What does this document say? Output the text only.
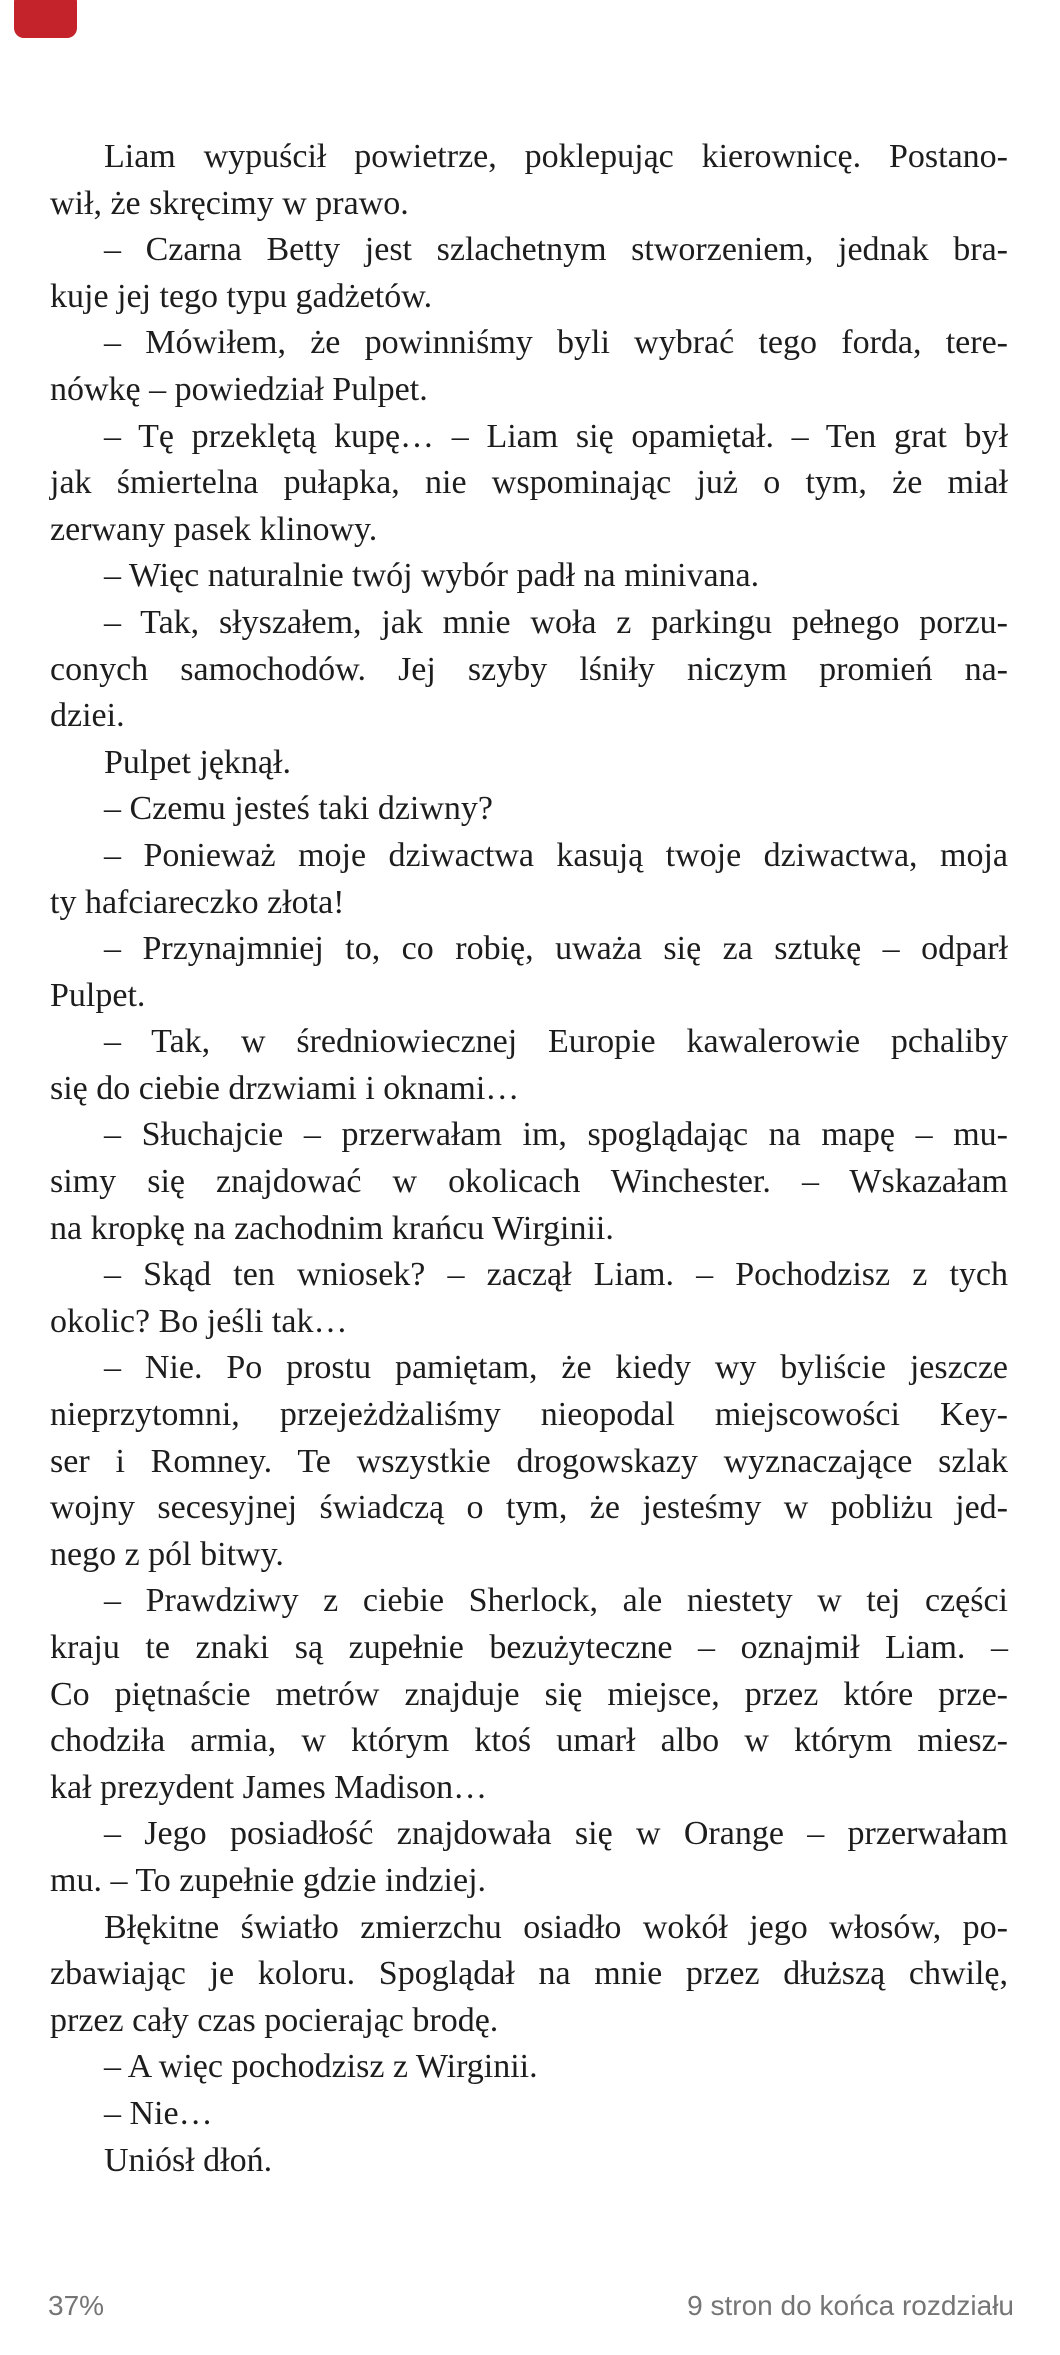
Liam wypuścił powietrze, poklepując kierownicę. Postano-
wił, że skręcimy w prawo.
– Czarna Betty jest szlachetnym stworzeniem, jednak bra-
kuje jej tego typu gadżetów.
– Mówiłem, że powinniśmy byli wybrać tego forda, tere-
nówkę – powiedział Pulpet.
– Tę przeklętą kupę… – Liam się opamiętał. – Ten grat był
jak śmiertelna pułapka, nie wspominając już o tym, że miał
zerwany pasek klinowy.
– Więc naturalnie twój wybór padł na minivana.
– Tak, słyszałem, jak mnie woła z parkingu pełnego porzu-
conych samochodów. Jej szyby lśniły niczym promień na-
dziei.
Pulpet jęknął.
– Czemu jesteś taki dziwny?
– Ponieważ moje dziwactwa kasują twoje dziwactwa, moja
ty hafciareczko złota!
– Przynajmniej to, co robię, uważa się za sztukę – odparł
Pulpet.
– Tak, w średniowiecznej Europie kawalerowie pchaliby
się do ciebie drzwiami i oknami…
– Słuchajcie – przerwałam im, spoglądając na mapę – mu-
simy się znajdować w okolicach Winchester. – Wskazałam
na kropkę na zachodnim krańcu Wirginii.
– Skąd ten wniosek? – zaczął Liam. – Pochodzisz z tych
okolic? Bo jeśli tak…
– Nie. Po prostu pamiętam, że kiedy wy byliście jeszcze
nieprzytomni, przejeżdżaliśmy nieopodal miejscowości Key-
ser i Romney. Te wszystkie drogowskazy wyznaczające szlak
wojny secesyjnej świadczą o tym, że jesteśmy w pobliżu jed-
nego z pól bitwy.
– Prawdziwy z ciebie Sherlock, ale niestety w tej części
kraju te znaki są zupełnie bezużyteczne – oznajmił Liam. –
Co piętnaście metrów znajduje się miejsce, przez które prze-
chodziła armia, w którym ktoś umarł albo w którym miesz-
kał prezydent James Madison…
– Jego posiadłość znajdowała się w Orange – przerwałam
mu. – To zupełnie gdzie indziej.
Błękitne światło zmierzchu osiadło wokół jego włosów, po-
zbawiając je koloru. Spoglądał na mnie przez dłuższą chwilę,
przez cały czas pocierając brodę.
– A więc pochodzisz z Wirginii.
– Nie…
Uniósł dłoń.
37%	9 stron do końca rozdziału
